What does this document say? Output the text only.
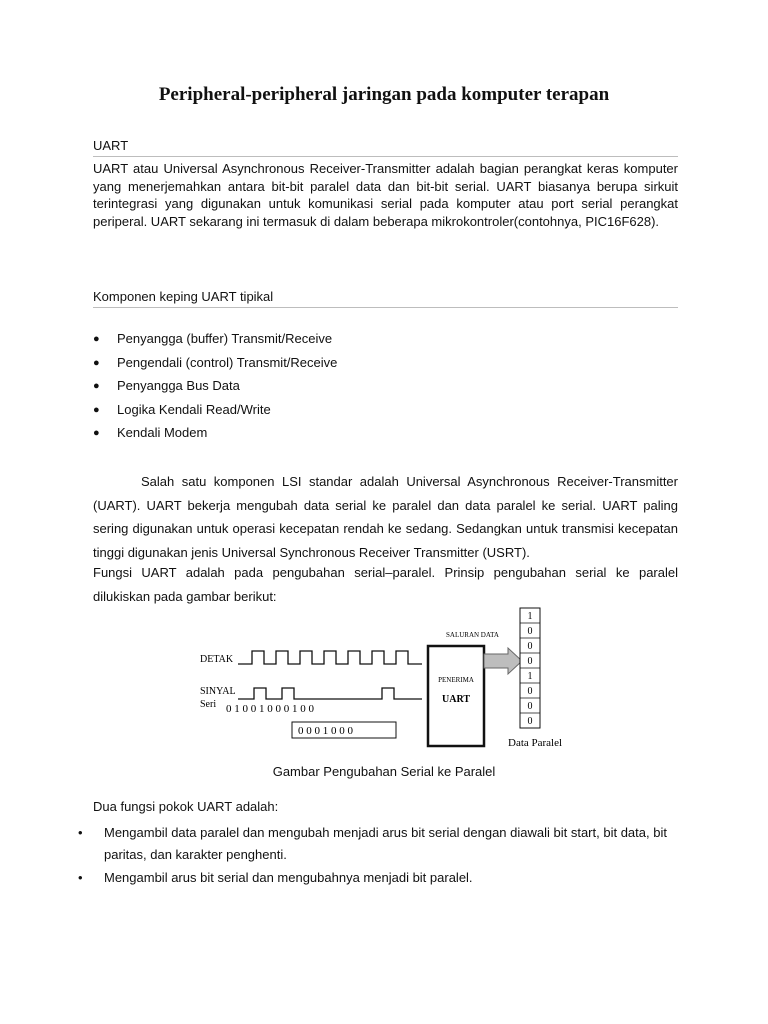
Peripheral-peripheral jaringan pada komputer terapan
UART
UART atau Universal Asynchronous Receiver-Transmitter adalah bagian perangkat keras komputer yang menerjemahkan antara bit-bit paralel data dan bit-bit serial. UART biasanya berupa sirkuit terintegrasi yang digunakan untuk komunikasi serial pada komputer atau port serial perangkat periperal. UART sekarang ini termasuk di dalam beberapa mikrokontroler(contohnya, PIC16F628).
Komponen keping UART tipikal
● Penyangga (buffer) Transmit/Receive
● Pengendali (control) Transmit/Receive
● Penyangga Bus Data
● Logika Kendali Read/Write
● Kendali Modem
Salah satu komponen LSI standar adalah Universal Asynchronous Receiver-Transmitter (UART). UART bekerja mengubah data serial ke paralel dan data paralel ke serial. UART paling sering digunakan untuk operasi kecepatan rendah ke sedang. Sedangkan untuk transmisi kecepatan tinggi digunakan jenis Universal Synchronous Receiver Transmitter (USRT).
Fungsi UART adalah pada pengubahan serial–paralel. Prinsip pengubahan serial ke paralel dilukiskan pada gambar berikut:
1
0
0
0
1
0
0
0
DETAK
SINYAL
Seri 0 1 0 0 1 0 0 0 1 0 0
0 0 0 1 0 0 0
SALURAN DATA
PENERIMA
UART
Data Paralel
Gambar Pengubahan Serial ke Paralel
Dua fungsi pokok UART adalah:
• Mengambil data paralel dan mengubah menjadi arus bit serial dengan diawali bit start, bit data, bit paritas, dan karakter penghenti.
• Mengambil arus bit serial dan mengubahnya menjadi bit paralel.
